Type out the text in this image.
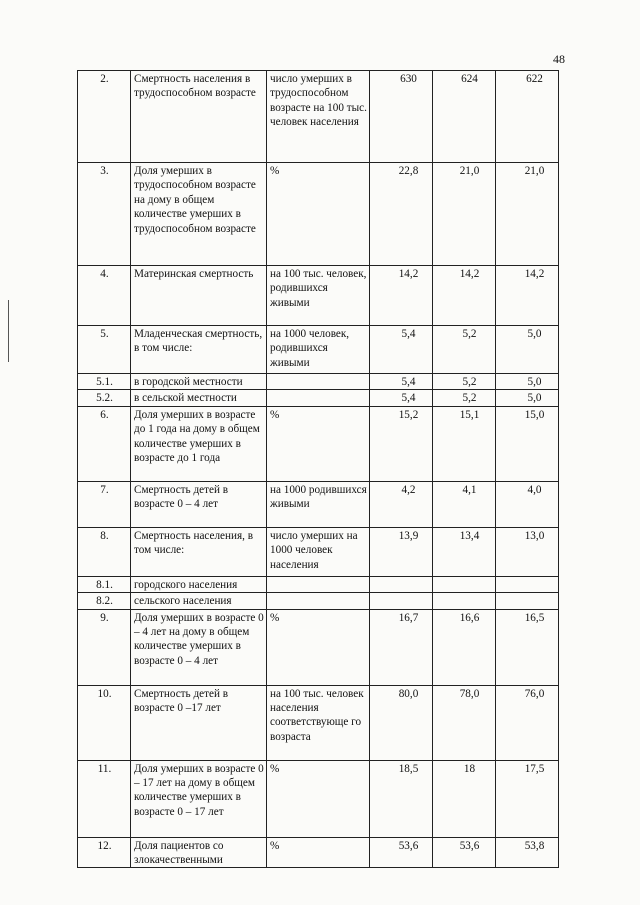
48
2.	Смертность населения в трудоспособном возрасте	число умерших в трудоспособном возрасте на 100 тыс. человек населения	630	624	622
3.	Доля умерших в трудоспособном возрасте на дому в общем количестве умерших в трудоспособном возрасте	%	22,8	21,0	21,0
4.	Материнская смертность	на 100 тыс. человек, родившихся живыми	14,2	14,2	14,2
5.	Младенческая смертность, в том числе:	на 1000 человек, родившихся живыми	5,4	5,2	5,0
5.1.	в городской местности		5,4	5,2	5,0
5.2.	в сельской местности		5,4	5,2	5,0
6.	Доля умерших в возрасте до 1 года на дому в общем количестве умерших в возрасте до 1 года	%	15,2	15,1	15,0
7.	Смертность детей в возрасте 0 – 4 лет	на 1000 родившихся живыми	4,2	4,1	4,0
8.	Смертность населения, в том числе:	число умерших на 1000 человек населения	13,9	13,4	13,0
8.1.	городского населения				
8.2.	сельского населения				
9.	Доля умерших в возрасте 0 – 4 лет на дому в общем количестве умерших в возрасте 0 – 4 лет	%	16,7	16,6	16,5
10.	Смертность детей в возрасте 0 –17 лет	на 100 тыс. человек населения соответствующе го возраста	80,0	78,0	76,0
11.	Доля умерших в возрасте 0 – 17 лет на дому в общем количестве умерших в возрасте 0 – 17 лет	%	18,5	18	17,5
12.	Доля пациентов со злокачественными	%	53,6	53,6	53,8
